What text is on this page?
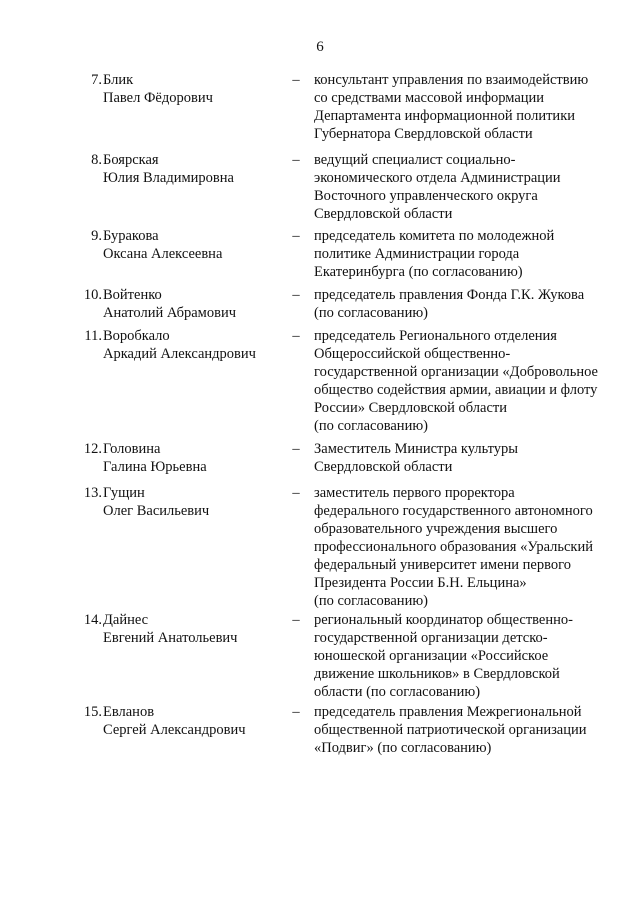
6
7. Блик
Павел Фёдорович
– консультант управления по взаимодействию
со средствами массовой информации
Департамента информационной политики
Губернатора Свердловской области
8. Боярская
Юлия Владимировна
– ведущий специалист социально-
экономического отдела Администрации
Восточного управленческого округа
Свердловской области
9. Буракова
Оксана Алексеевна
– председатель комитета по молодежной
политике Администрации города
Екатеринбурга (по согласованию)
10. Войтенко
Анатолий Абрамович
– председатель правления Фонда Г.К. Жукова
(по согласованию)
11. Воробкало
Аркадий Александрович
– председатель Регионального отделения
Общероссийской общественно-
государственной организации «Добровольное
общество содействия армии, авиации и флоту
России» Свердловской области
(по согласованию)
12. Головина
Галина Юрьевна
– Заместитель Министра культуры
Свердловской области
13. Гущин
Олег Васильевич
– заместитель первого проректора
федерального государственного автономного
образовательного учреждения высшего
профессионального образования «Уральский
федеральный университет имени первого
Президента России Б.Н. Ельцина»
(по согласованию)
14. Дайнес
Евгений Анатольевич
– региональный координатор общественно-
государственной организации детско-
юношеской организации «Российское
движение школьников» в Свердловской
области (по согласованию)
15. Евланов
Сергей Александрович
– председатель правления Межрегиональной
общественной патриотической организации
«Подвиг» (по согласованию)
